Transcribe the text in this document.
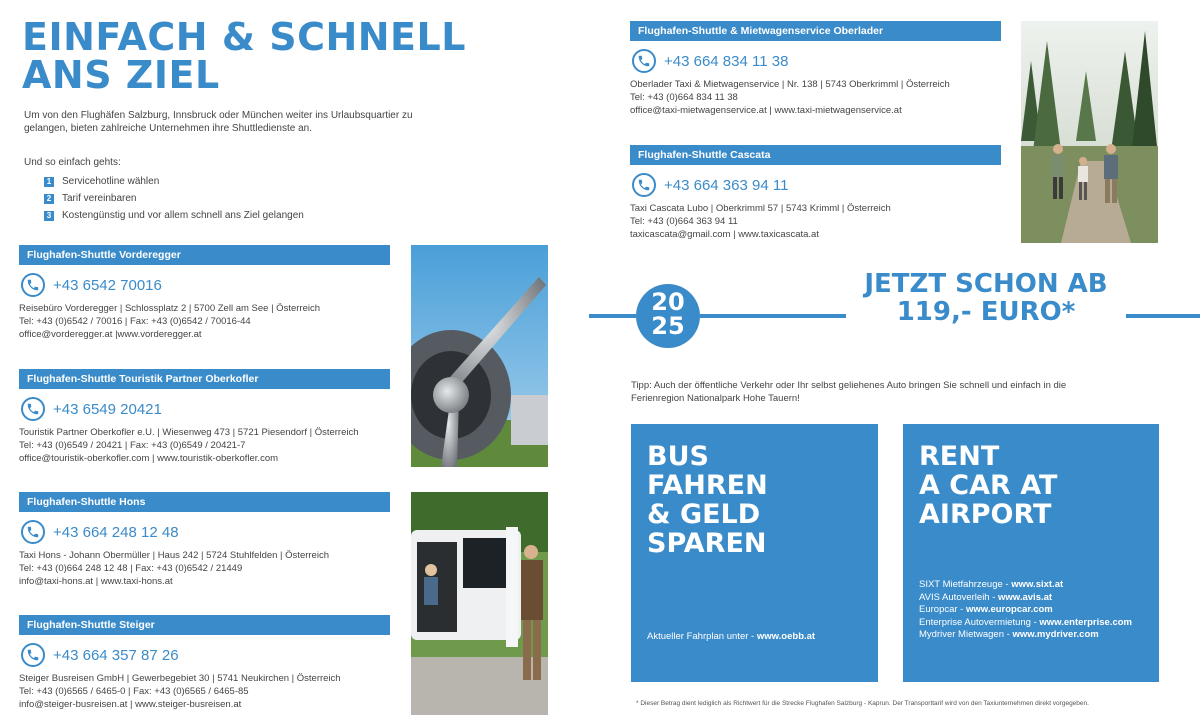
EINFACH & SCHNELL
ANS ZIEL

Um von den Flughäfen Salzburg, Innsbruck oder München weiter ins Urlaubsquartier zu gelangen, bieten zahlreiche Unternehmen ihre Shuttledienste an.

Und so einfach gehts:

1 Servicehotline wählen
2 Tarif vereinbaren
3 Kostengünstig und vor allem schnell ans Ziel gelangen
Flughafen-Shuttle Vorderegger
+43 6542 70016
Reisebüro Vorderegger | Schlossplatz 2 | 5700 Zell am See | Österreich
Tel: +43 (0)6542 / 70016 | Fax: +43 (0)6542 / 70016-44
office@vorderegger.at |www.vorderegger.at
Flughafen-Shuttle Touristik Partner Oberkofler
+43 6549 20421
Touristik Partner Oberkofler e.U. | Wiesenweg 473 | 5721 Piesendorf | Österreich
Tel: +43 (0)6549 / 20421 | Fax: +43 (0)6549 / 20421-7
office@touristik-oberkofler.com | www.touristik-oberkofler.com
Flughafen-Shuttle Hons
+43 664 248 12 48
Taxi Hons - Johann Obermüller | Haus 242 | 5724 Stuhlfelden | Österreich
Tel: +43 (0)664 248 12 48 | Fax: +43 (0)6542 / 21449
info@taxi-hons.at | www.taxi-hons.at
Flughafen-Shuttle Steiger
+43 664 357 87 26
Steiger Busreisen GmbH | Gewerbegebiet 30 | 5741 Neukirchen | Österreich
Tel: +43 (0)6565 / 6465-0 | Fax: +43 (0)6565 / 6465-85
info@steiger-busreisen.at | www.steiger-busreisen.at
Flughafen-Shuttle & Mietwagenservice Oberlader
+43 664 834 11 38
Oberlader Taxi & Mietwagenservice | Nr. 138 | 5743 Oberkrimml | Österreich
Tel: +43 (0)664 834 11 38
office@taxi-mietwagenservice.at | www.taxi-mietwagenservice.at
Flughafen-Shuttle Cascata
+43 664 363 94 11
Taxi Cascata Lubo | Oberkrimml 57 | 5743 Krimml | Österreich
Tel: +43 (0)664 363 94 11
taxicascata@gmail.com | www.taxicascata.at
20
25
JETZT SCHON AB
119,- EURO*

Tipp: Auch der öffentliche Verkehr oder Ihr selbst geliehenes Auto bringen Sie schnell und einfach in die Ferienregion Nationalpark Hohe Tauern!

BUS
FAHREN
& GELD
SPAREN
Aktueller Fahrplan unter - www.oebb.at
RENT
A CAR AT
AIRPORT
SIXT Mietfahrzeuge - www.sixt.at
AVIS Autoverleih - www.avis.at
Europcar - www.europcar.com
Enterprise Autovermietung - www.enterprise.com
Mydriver Mietwagen - www.mydriver.com

* Dieser Betrag dient lediglich als Richtwert für die Strecke Flughafen Salzburg - Kaprun. Der Transporttarif wird von den Taxiunternehmen direkt vorgegeben.
